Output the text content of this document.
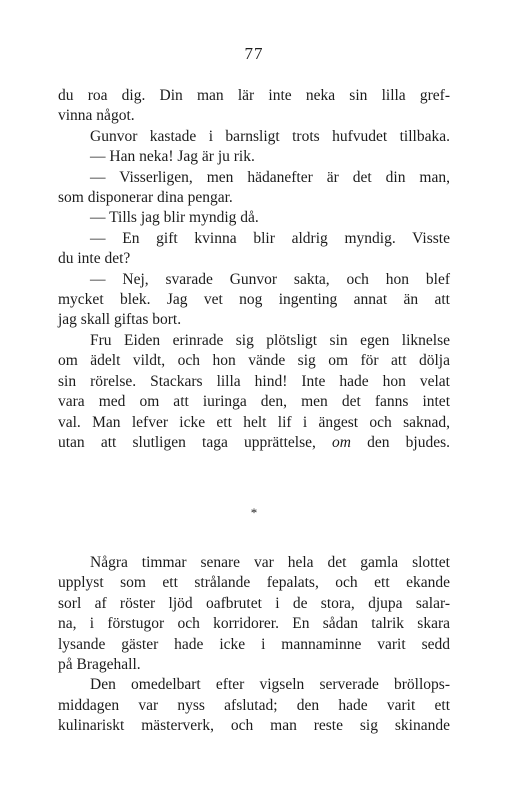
77
du roa dig. Din man lär inte neka sin lilla gref-
vinna något.
Gunvor kastade i barnsligt trots hufvudet tillbaka.
— Han neka! Jag är ju rik.
— Visserligen, men hädanefter är det din man,
som disponerar dina pengar.
— Tills jag blir myndig då.
— En gift kvinna blir aldrig myndig. Visste
du inte det?
— Nej, svarade Gunvor sakta, och hon blef
mycket blek. Jag vet nog ingenting annat än att
jag skall giftas bort.
Fru Eiden erinrade sig plötsligt sin egen liknelse
om ädelt vildt, och hon vände sig om för att dölja
sin rörelse. Stackars lilla hind! Inte hade hon velat
vara med om att iuringa den, men det fanns intet
val. Man lefver icke ett helt lif i ängest och saknad,
utan att slutligen taga upprättelse, om den bjudes.
*
Några timmar senare var hela det gamla slottet
upplyst som ett strålande fepalats, och ett ekande
sorl af röster ljöd oafbrutet i de stora, djupa salar-
na, i förstugor och korridorer. En sådan talrik skara
lysande gäster hade icke i mannaminne varit sedd
på Bragehall.
Den omedelbart efter vigseln serverade bröllops-
middagen var nyss afslutad; den hade varit ett
kulinariskt mästerverk, och man reste sig skinande
